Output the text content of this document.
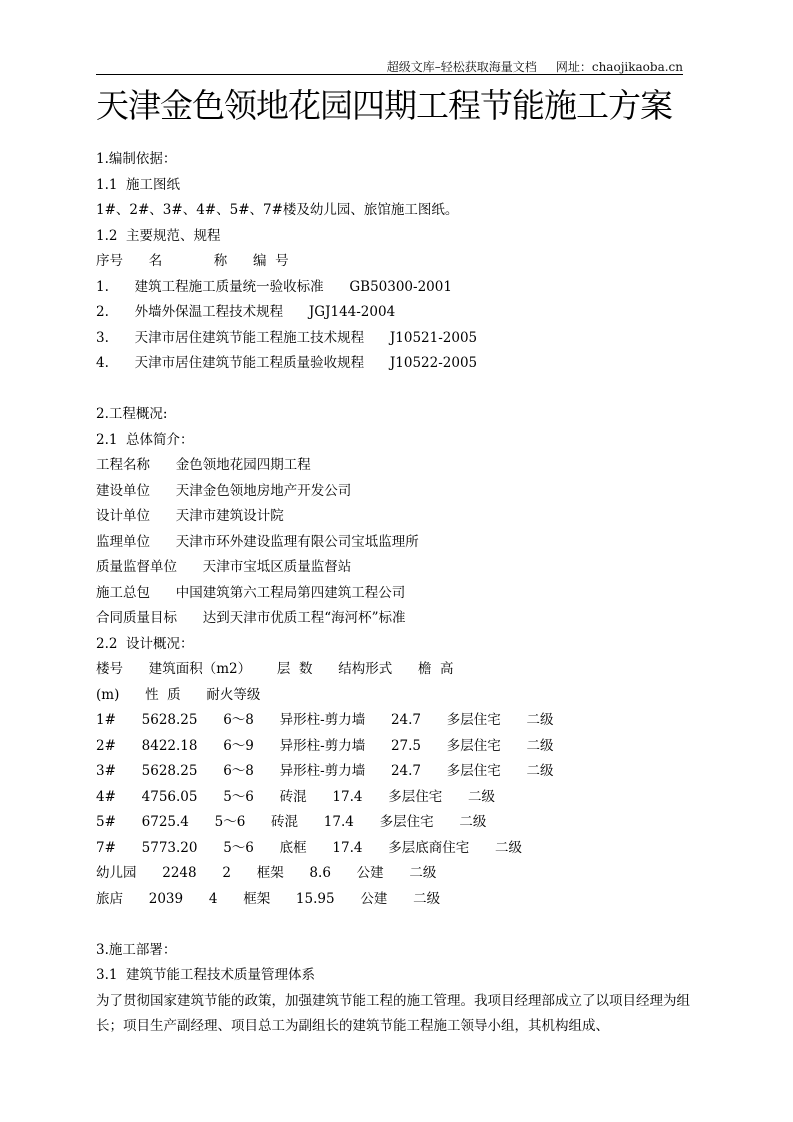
超级文库–轻松获取海量文档 网址：chaojikaoba.cn
天津金色领地花园四期工程节能施工方案
1.编制依据：
1.1  施工图纸
1#、2#、3#、4#、5#、7#楼及幼儿园、旅馆施工图纸。
1.2  主要规范、规程
序号      名            称      编  号
1.      建筑工程施工质量统一验收标准      GB50300-2001
2.      外墙外保温工程技术规程      JGJ144-2004
3.      天津市居住建筑节能工程施工技术规程      J10521-2005
4.      天津市居住建筑节能工程质量验收规程      J10522-2005
2.工程概况:
2.1  总体简介：
工程名称      金色领地花园四期工程
建设单位      天津金色领地房地产开发公司
设计单位      天津市建筑设计院
监理单位      天津市环外建设监理有限公司宝坻监理所
质量监督单位      天津市宝坻区质量监督站
施工总包      中国建筑第六工程局第四建筑工程公司
合同质量目标      达到天津市优质工程“海河杯”标准
2.2  设计概况：
楼号      建筑面积（m2）      层  数      结构形式      檐  高
(m)      性  质      耐火等级
1#      5628.25      6～8      异形柱-剪力墙      24.7      多层住宅      二级
2#      8422.18      6～9      异形柱-剪力墙      27.5      多层住宅      二级
3#      5628.25      6～8      异形柱-剪力墙      24.7      多层住宅      二级
4#      4756.05      5～6      砖混      17.4      多层住宅      二级
5#      6725.4      5～6      砖混      17.4      多层住宅      二级
7#      5773.20      5～6      底框      17.4      多层底商住宅      二级
幼儿园      2248      2      框架      8.6      公建      二级
旅店      2039      4      框架      15.95      公建      二级
3.施工部署：
3.1  建筑节能工程技术质量管理体系
为了贯彻国家建筑节能的政策，加强建筑节能工程的施工管理。我项目经理部成立了以项目经理为组长；项目生产副经理、项目总工为副组长的建筑节能工程施工领导小组，其机构组成、
